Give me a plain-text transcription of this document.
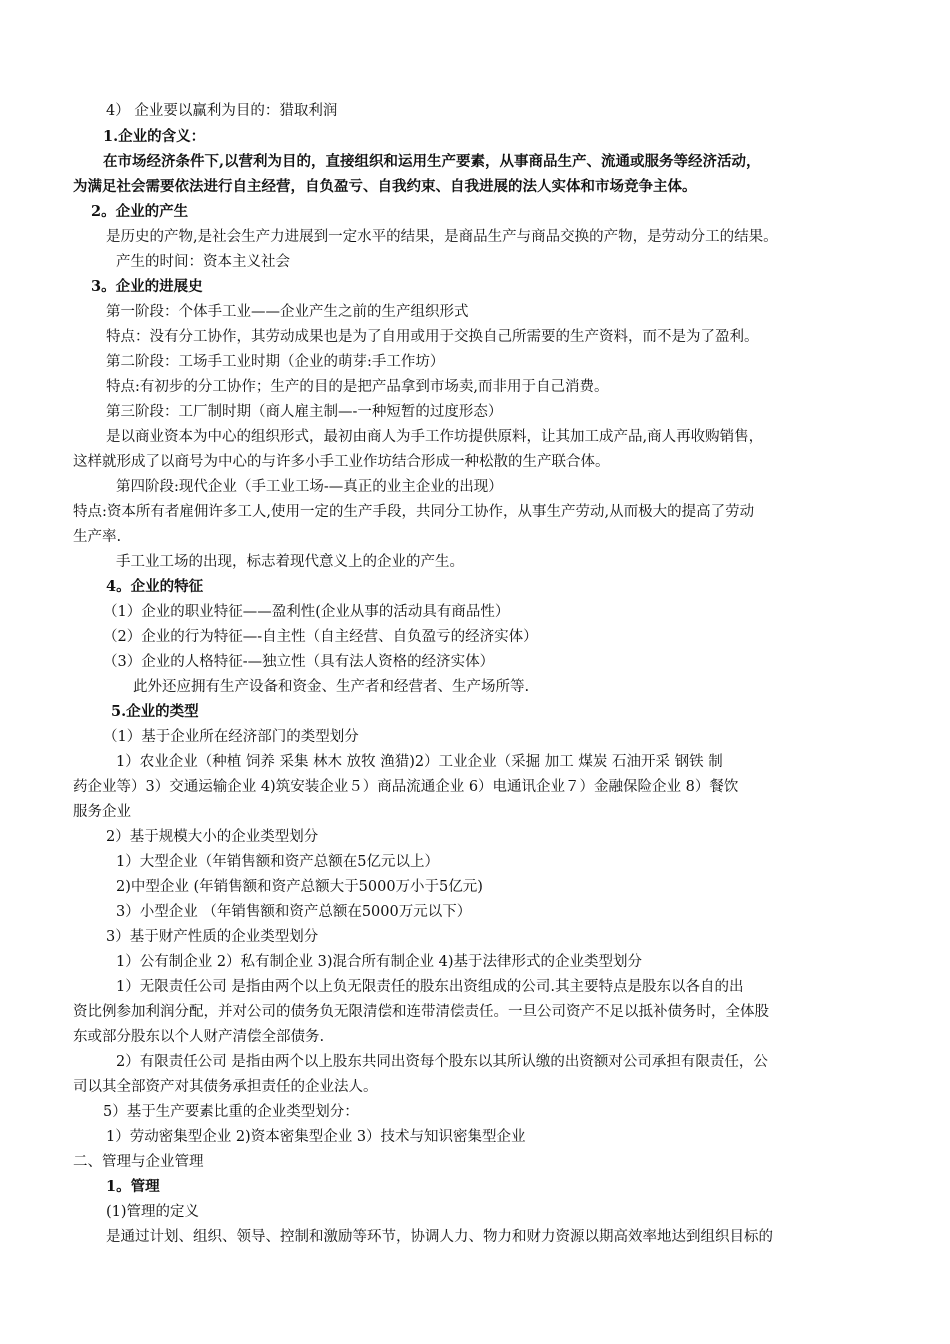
4） 企业要以赢利为目的：猎取利润
1.企业的含义：
在市场经济条件下,以营利为目的，直接组织和运用生产要素，从事商品生产、流通或服务等经济活动，
为满足社会需要依法进行自主经营，自负盈亏、自我约束、自我进展的法人实体和市场竞争主体。
2。企业的产生
是历史的产物,是社会生产力进展到一定水平的结果，是商品生产与商品交换的产物，是劳动分工的结果。
产生的时间：资本主义社会
3。企业的进展史
第一阶段：个体手工业——企业产生之前的生产组织形式
特点：没有分工协作，其劳动成果也是为了自用或用于交换自己所需要的生产资料，而不是为了盈利。
第二阶段：工场手工业时期（企业的萌芽:手工作坊）
特点:有初步的分工协作；生产的目的是把产品拿到市场卖,而非用于自己消费。
第三阶段：工厂制时期（商人雇主制—-一种短暂的过度形态）
是以商业资本为中心的组织形式，最初由商人为手工作坊提供原料，让其加工成产品,商人再收购销售，
这样就形成了以商号为中心的与许多小手工业作坊结合形成一种松散的生产联合体。
第四阶段:现代企业（手工业工场-—真正的业主企业的出现）
特点:资本所有者雇佣许多工人,使用一定的生产手段，共同分工协作，从事生产劳动,从而极大的提高了劳动
生产率.
手工业工场的出现，标志着现代意义上的企业的产生。
4。企业的特征
（1）企业的职业特征——盈利性(企业从事的活动具有商品性）
（2）企业的行为特征—-自主性（自主经营、自负盈亏的经济实体）
（3）企业的人格特征-—独立性（具有法人资格的经济实体）
此外还应拥有生产设备和资金、生产者和经营者、生产场所等.
5.企业的类型
（1）基于企业所在经济部门的类型划分
1）农业企业（种植 饲养 采集 林木 放牧 渔猎)2）工业企业（采掘 加工 煤炭 石油开采 钢铁 制
药企业等）3）交通运输企业 4)筑安装企业５）商品流通企业 6）电通讯企业７）金融保险企业 8）餐饮
服务企业
2）基于规模大小的企业类型划分
1）大型企业（年销售额和资产总额在5亿元以上）
2)中型企业 (年销售额和资产总额大于5000万小于5亿元)
3）小型企业 （年销售额和资产总额在5000万元以下）
3）基于财产性质的企业类型划分
1）公有制企业 2）私有制企业 3)混合所有制企业 4)基于法律形式的企业类型划分
1）无限责任公司 是指由两个以上负无限责任的股东出资组成的公司.其主要特点是股东以各自的出
资比例参加利润分配，并对公司的债务负无限清偿和连带清偿责任。一旦公司资产不足以抵补债务时，全体股
东或部分股东以个人财产清偿全部债务.
2）有限责任公司 是指由两个以上股东共同出资每个股东以其所认缴的出资额对公司承担有限责任，公
司以其全部资产对其债务承担责任的企业法人。
5）基于生产要素比重的企业类型划分：
1）劳动密集型企业 2)资本密集型企业 3）技术与知识密集型企业
二、管理与企业管理
1。管理
(1)管理的定义
是通过计划、组织、领导、控制和激励等环节，协调人力、物力和财力资源以期高效率地达到组织目标的
